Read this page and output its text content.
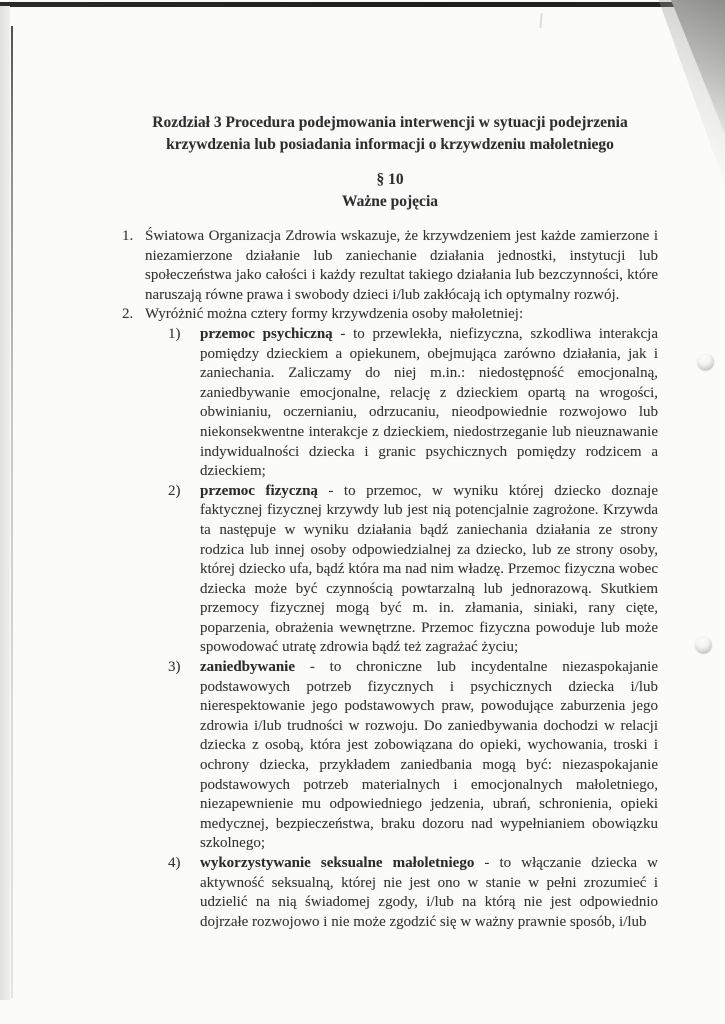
Rozdział 3 Procedura podejmowania interwencji w sytuacji podejrzenia krzywdzenia lub posiadania informacji o krzywdzeniu małoletniego
§ 10
Ważne pojęcia
1. Światowa Organizacja Zdrowia wskazuje, że krzywdzeniem jest każde zamierzone i niezamierzone działanie lub zaniechanie działania jednostki, instytucji lub społeczeństwa jako całości i każdy rezultat takiego działania lub bezczynności, które naruszają równe prawa i swobody dzieci i/lub zakłócają ich optymalny rozwój.
2. Wyróżnić można cztery formy krzywdzenia osoby małoletniej:
1)	przemoc psychiczną - to przewlekła, niefizyczna, szkodliwa interakcja pomiędzy dzieckiem a opiekunem, obejmująca zarówno działania, jak i zaniechania. Zaliczamy do niej m.in.: niedostępność emocjonalną, zaniedbywanie emocjonalne, relację z dzieckiem opartą na wrogości, obwinianiu, oczernianiu, odrzucaniu, nieodpowiednie rozwojowo lub niekonsekwentne interakcje z dzieckiem, niedostrzeganie lub nieuznawanie indywidualności dziecka i granic psychicznych pomiędzy rodzicem a dzieckiem;
2)	przemoc fizyczną - to przemoc, w wyniku której dziecko doznaje faktycznej fizycznej krzywdy lub jest nią potencjalnie zagrożone. Krzywda ta następuje w wyniku działania bądź zaniechania działania ze strony rodzica lub innej osoby odpowiedzialnej za dziecko, lub ze strony osoby, której dziecko ufa, bądź która ma nad nim władzę. Przemoc fizyczna wobec dziecka może być czynnością powtarzalną lub jednorazową. Skutkiem przemocy fizycznej mogą być m. in. złamania, siniaki, rany cięte, poparzenia, obrażenia wewnętrzne. Przemoc fizyczna powoduje lub może spowodować utratę zdrowia bądź też zagrażać życiu;
3)	zaniedbywanie - to chroniczne lub incydentalne niezaspokajanie podstawowych potrzeb fizycznych i psychicznych dziecka i/lub nierespektowanie jego podstawowych praw, powodujące zaburzenia jego zdrowia i/lub trudności w rozwoju. Do zaniedbywania dochodzi w relacji dziecka z osobą, która jest zobowiązana do opieki, wychowania, troski i ochrony dziecka, przykładem zaniedbania mogą być: niezaspokajanie podstawowych potrzeb materialnych i emocjonalnych małoletniego, niezapewnienie mu odpowiedniego jedzenia, ubrań, schronienia, opieki medycznej, bezpieczeństwa, braku dozoru nad wypełnianiem obowiązku szkolnego;
4)	wykorzystywanie seksualne małoletniego - to włączanie dziecka w aktywność seksualną, której nie jest ono w stanie w pełni zrozumieć i udzielić na nią świadomej zgody, i/lub na którą nie jest odpowiednio dojrzałe rozwojowo i nie może zgodzić się w ważny prawnie sposób, i/lub
